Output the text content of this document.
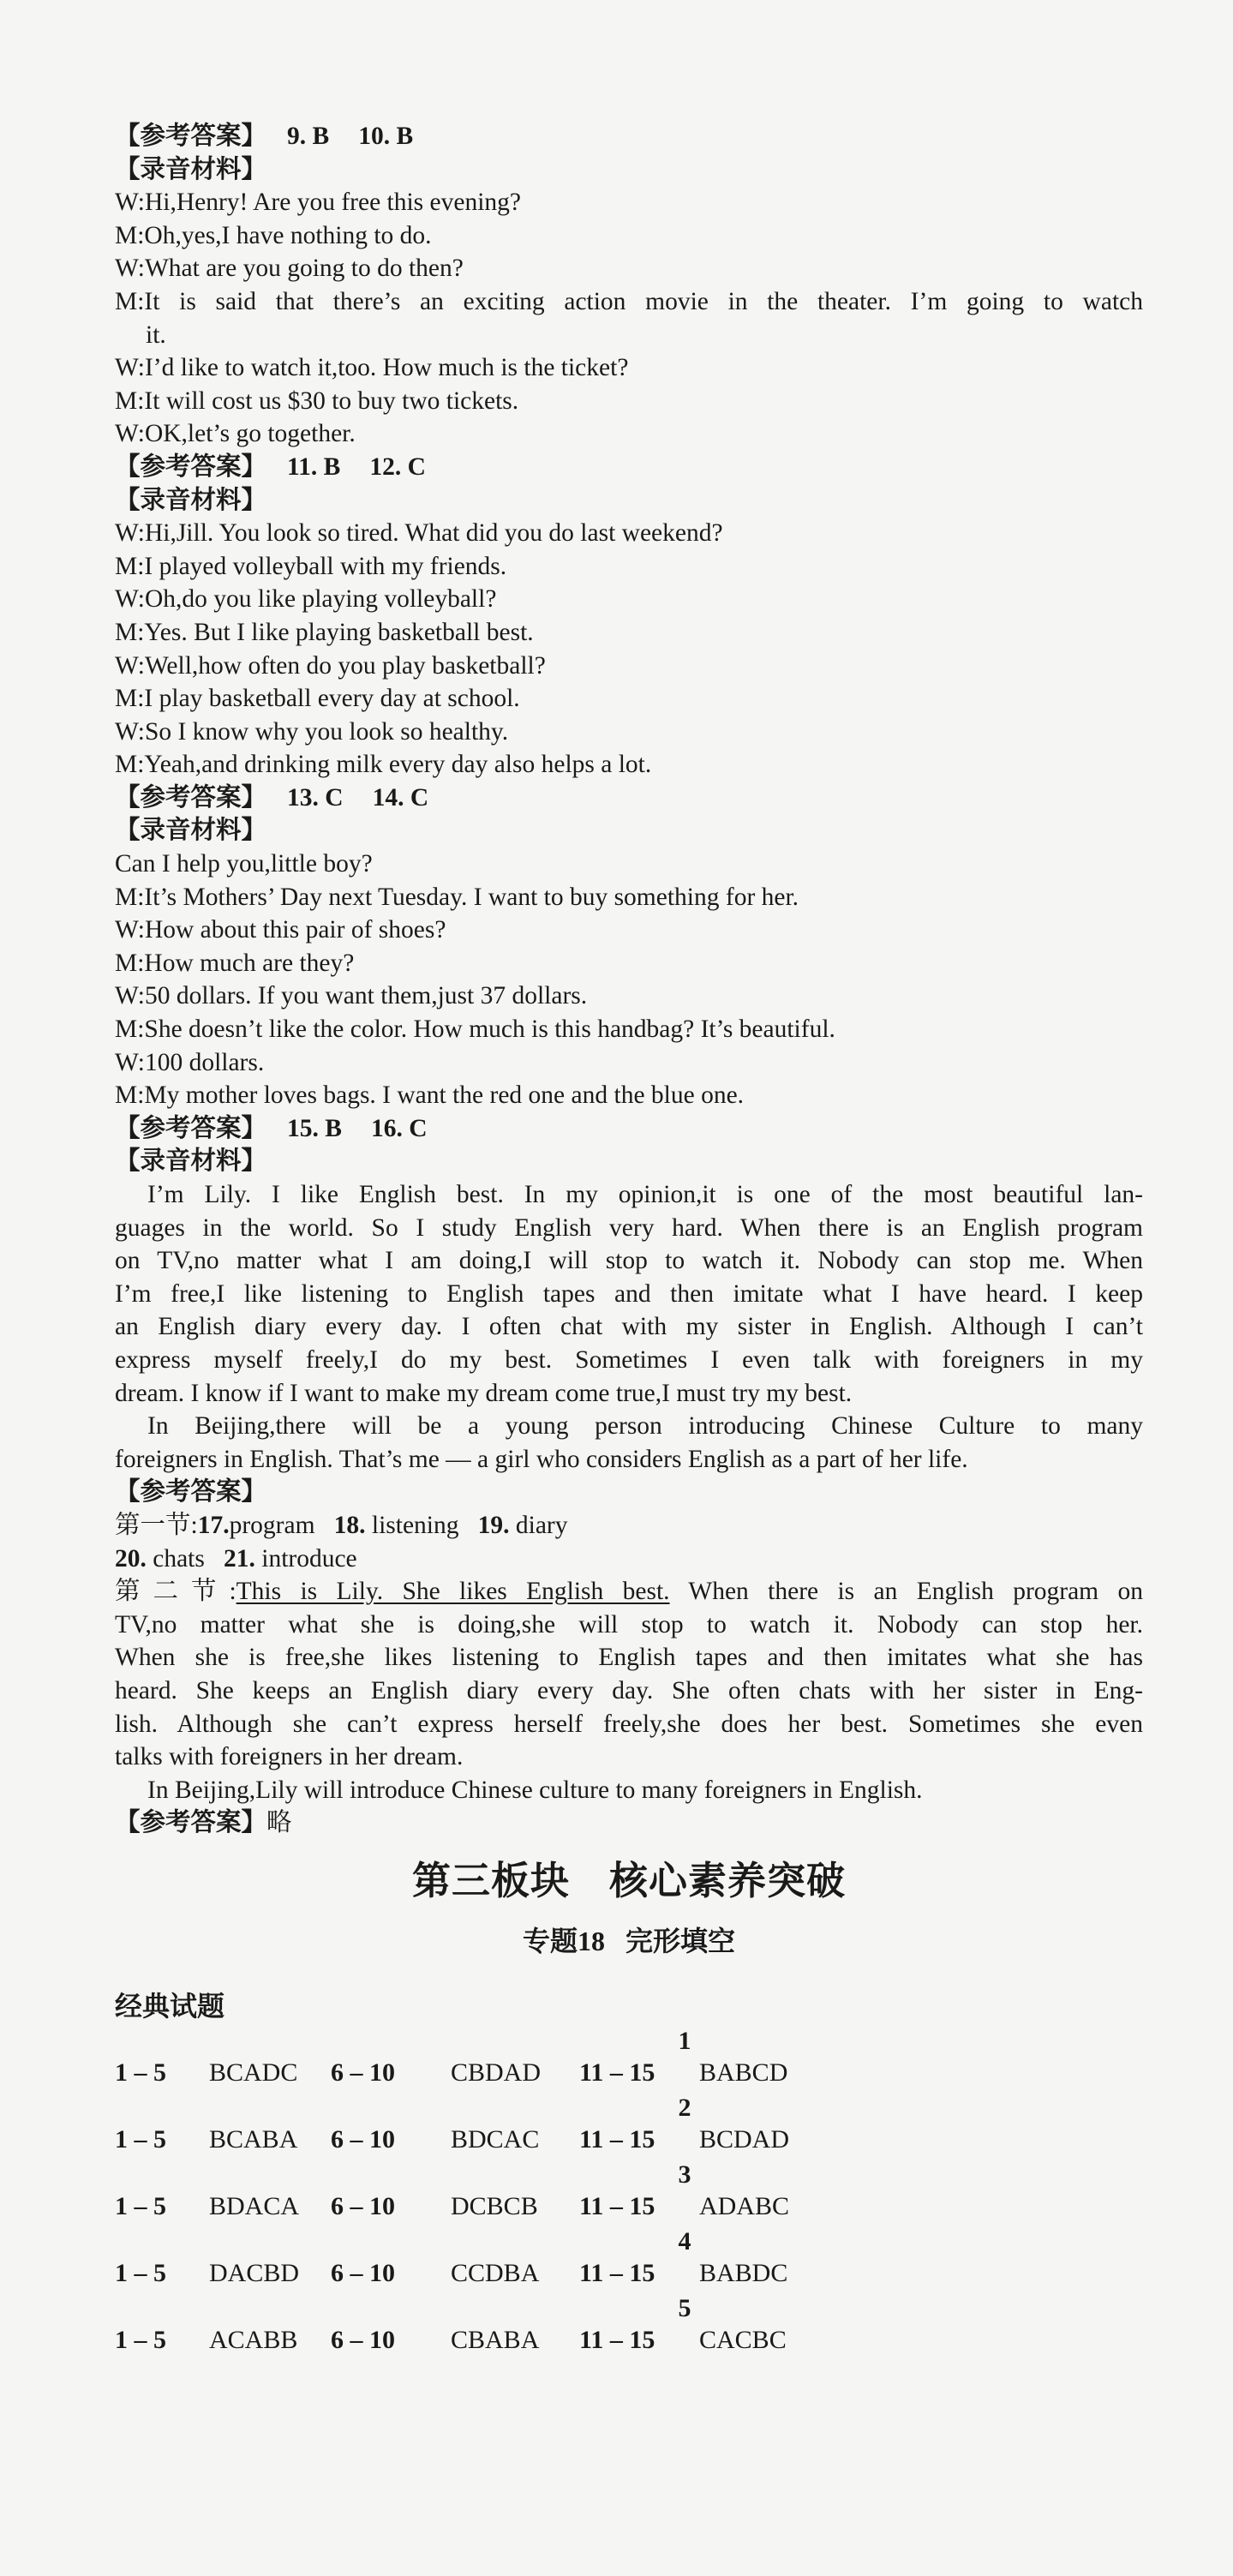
【参考答案】 9. B 10. B
【录音材料】
W:Hi,Henry! Are you free this evening?
M:Oh,yes,I have nothing to do.
W:What are you going to do then?
M:It is said that there’s an exciting action movie in the theater. I’m going to watch
it.
W:I’d like to watch it,too. How much is the ticket?
M:It will cost us $30 to buy two tickets.
W:OK,let’s go together.
【参考答案】 11. B 12. C
【录音材料】
W:Hi,Jill. You look so tired. What did you do last weekend?
M:I played volleyball with my friends.
W:Oh,do you like playing volleyball?
M:Yes. But I like playing basketball best.
W:Well,how often do you play basketball?
M:I play basketball every day at school.
W:So I know why you look so healthy.
M:Yeah,and drinking milk every day also helps a lot.
【参考答案】 13. C 14. C
【录音材料】
Can I help you,little boy?
M:It’s Mothers’ Day next Tuesday. I want to buy something for her.
W:How about this pair of shoes?
M:How much are they?
W:50 dollars. If you want them,just 37 dollars.
M:She doesn’t like the color. How much is this handbag? It’s beautiful.
W:100 dollars.
M:My mother loves bags. I want the red one and the blue one.
【参考答案】 15. B 16. C
【录音材料】
I’m Lily. I like English best. In my opinion,it is one of the most beautiful lan-
guages in the world. So I study English very hard. When there is an English program
on TV,no matter what I am doing,I will stop to watch it. Nobody can stop me. When
I’m free,I like listening to English tapes and then imitate what I have heard. I keep
an English diary every day. I often chat with my sister in English. Although I can’t
express myself freely,I do my best. Sometimes I even talk with foreigners in my
dream. I know if I want to make my dream come true,I must try my best.
In Beijing,there will be a young person introducing Chinese Culture to many
foreigners in English. That’s me — a girl who considers English as a part of her life.
【参考答案】
第一节:17.program 18. listening 19. diary
20. chats 21. introduce
第二节:This is Lily. She likes English best. When there is an English program on
TV,no matter what she is doing,she will stop to watch it. Nobody can stop her.
When she is free,she likes listening to English tapes and then imitates what she has
heard. She keeps an English diary every day. She often chats with her sister in Eng-
lish. Although she can’t express herself freely,she does her best. Sometimes she even
talks with foreigners in her dream.
In Beijing,Lily will introduce Chinese culture to many foreigners in English.
【参考答案】略
第三板块　核心素养突破
专题18 完形填空
经典试题
1
1 – 5	BCADC	6 – 10	CBDAD	11 – 15	BABCD
2
1 – 5	BCABA	6 – 10	BDCAC	11 – 15	BCDAD
3
1 – 5	BDACA	6 – 10	DCBCB	11 – 15	ADABC
4
1 – 5	DACBD	6 – 10	CCDBA	11 – 15	BABDC
5
1 – 5	ACABB	6 – 10	CBABA	11 – 15	CACBC
